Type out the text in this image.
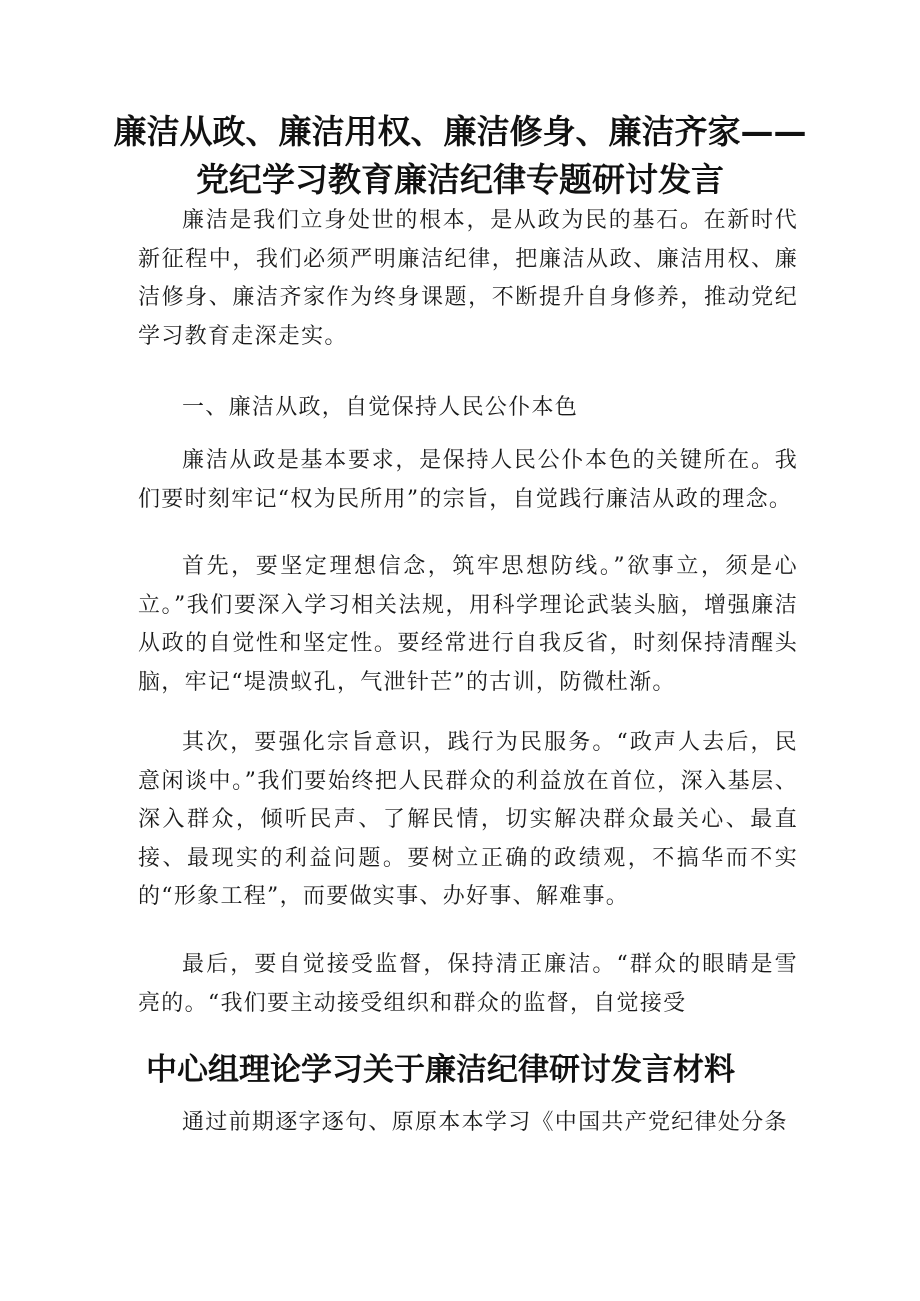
廉洁从政、廉洁用权、廉洁修身、廉洁齐家——
党纪学习教育廉洁纪律专题研讨发言

廉洁是我们立身处世的根本，是从政为民的基石。在新时代新征程中，我们必须严明廉洁纪律，把廉洁从政、廉洁用权、廉洁修身、廉洁齐家作为终身课题，不断提升自身修养，推动党纪学习教育走深走实。

一、廉洁从政，自觉保持人民公仆本色

廉洁从政是基本要求，是保持人民公仆本色的关键所在。我们要时刻牢记“权为民所用”的宗旨，自觉践行廉洁从政的理念。

首先，要坚定理想信念，筑牢思想防线。”欲事立，须是心立。”我们要深入学习相关法规，用科学理论武装头脑，增强廉洁从政的自觉性和坚定性。要经常进行自我反省，时刻保持清醒头脑，牢记“堤溃蚁孔，气泄针芒”的古训，防微杜渐。

其次，要强化宗旨意识，践行为民服务。“政声人去后，民意闲谈中。”我们要始终把人民群众的利益放在首位，深入基层、深入群众，倾听民声、了解民情，切实解决群众最关心、最直接、最现实的利益问题。要树立正确的政绩观，不搞华而不实的“形象工程”，而要做实事、办好事、解难事。

最后，要自觉接受监督，保持清正廉洁。“群众的眼睛是雪亮的。“我们要主动接受组织和群众的监督，自觉接受

中心组理论学习关于廉洁纪律研讨发言材料

通过前期逐字逐句、原原本本学习《中国共产党纪律处分条
